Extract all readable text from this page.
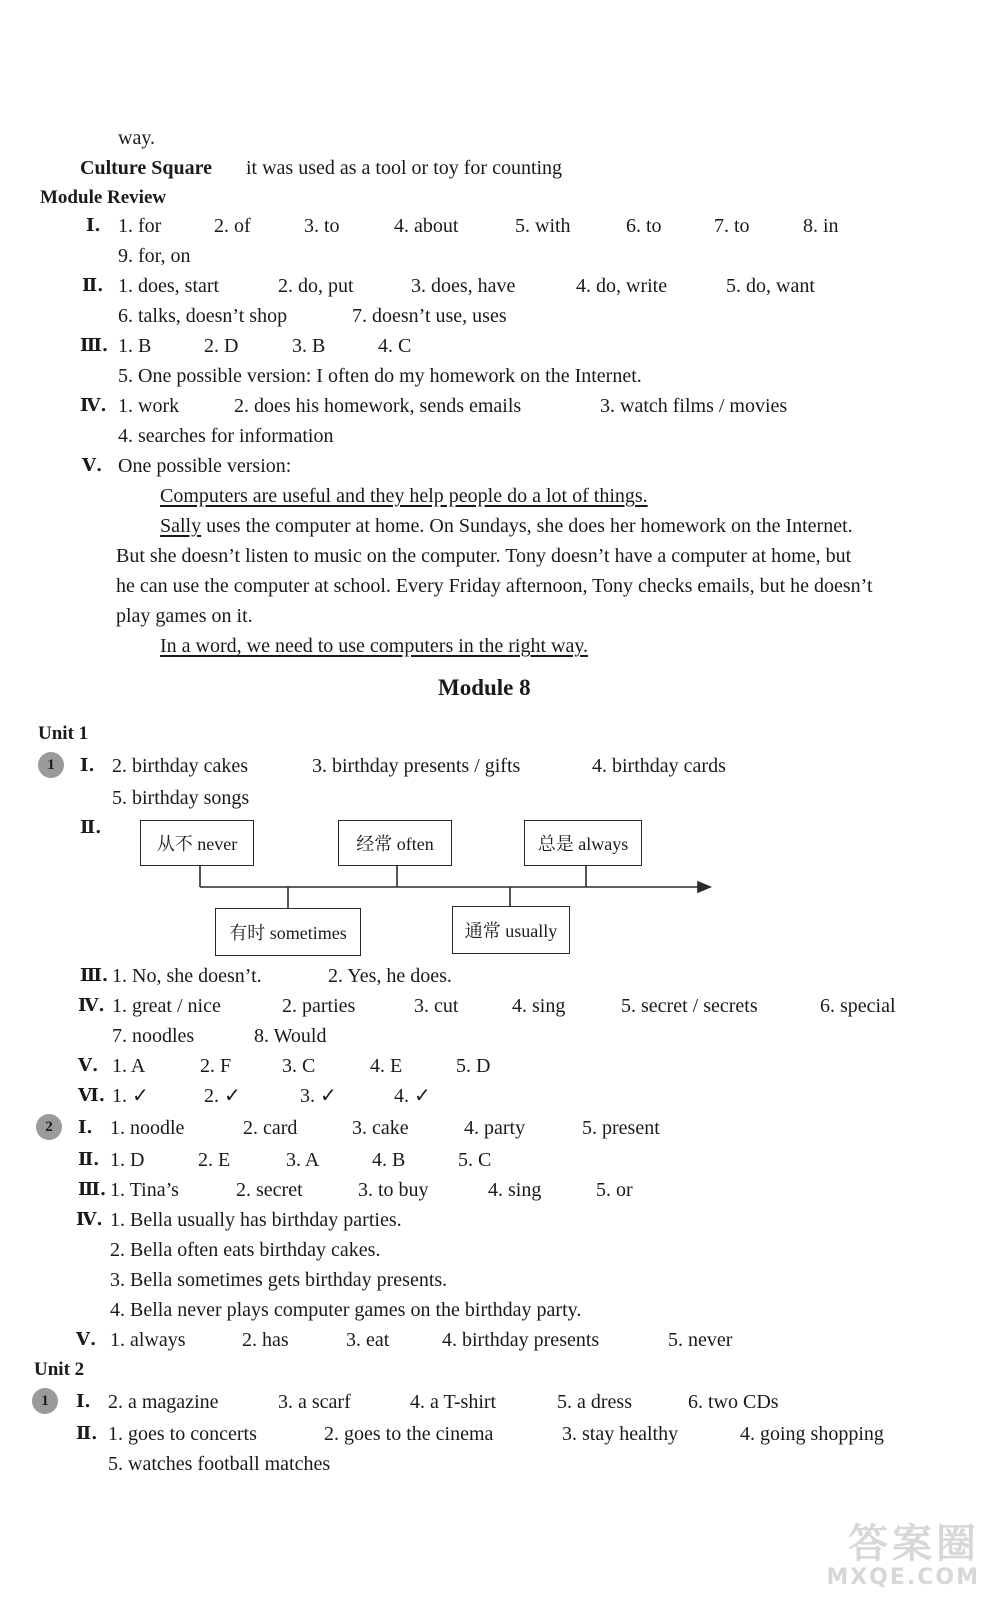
way.
Culture Square it was used as a tool or toy for counting
Module Review
Ⅰ. 1. for	2. of	3. to	4. about	5. with	6. to	7. to	8. in
9. for, on
Ⅱ. 1. does, start	2. do, put	3. does, have	4. do, write	5. do, want
6. talks, doesn’t shop	7. doesn’t use, uses
Ⅲ. 1. B	2. D	3. B	4. C
5. One possible version: I often do my homework on the Internet.
Ⅳ. 1. work	2. does his homework, sends emails	3. watch films / movies
4. searches for information
Ⅴ. One possible version:
Computers are useful and they help people do a lot of things.
Sally uses the computer at home. On Sundays, she does her homework on the Internet.
But she doesn’t listen to music on the computer. Tony doesn’t have a computer at home, but
he can use the computer at school. Every Friday afternoon, Tony checks emails, but he doesn’t
play games on it.
In a word, we need to use computers in the right way.
Module 8
Unit 1
1	Ⅰ. 2. birthday cakes	3. birthday presents / gifts	4. birthday cards
5. birthday songs
Ⅱ.
从不 never	经常 often	总是 always
有时 sometimes	通常 usually
Ⅲ. 1. No, she doesn’t.	2. Yes, he does.
Ⅳ. 1. great / nice	2. parties	3. cut	4. sing	5. secret / secrets	6. special
7. noodles	8. Would
Ⅴ. 1. A	2. F	3. C	4. E	5. D
Ⅵ. 1. ✓	2. ✓	3. ✓	4. ✓
2	Ⅰ. 1. noodle	2. card	3. cake	4. party	5. present
Ⅱ. 1. D	2. E	3. A	4. B	5. C
Ⅲ. 1. Tina’s	2. secret	3. to buy	4. sing	5. or
Ⅳ. 1. Bella usually has birthday parties.
2. Bella often eats birthday cakes.
3. Bella sometimes gets birthday presents.
4. Bella never plays computer games on the birthday party.
Ⅴ. 1. always	2. has	3. eat	4. birthday presents	5. never
Unit 2
1	Ⅰ. 2. a magazine	3. a scarf	4. a T-shirt	5. a dress	6. two CDs
Ⅱ. 1. goes to concerts	2. goes to the cinema	3. stay healthy	4. going shopping
5. watches football matches
答案圈
MXQE.COM
